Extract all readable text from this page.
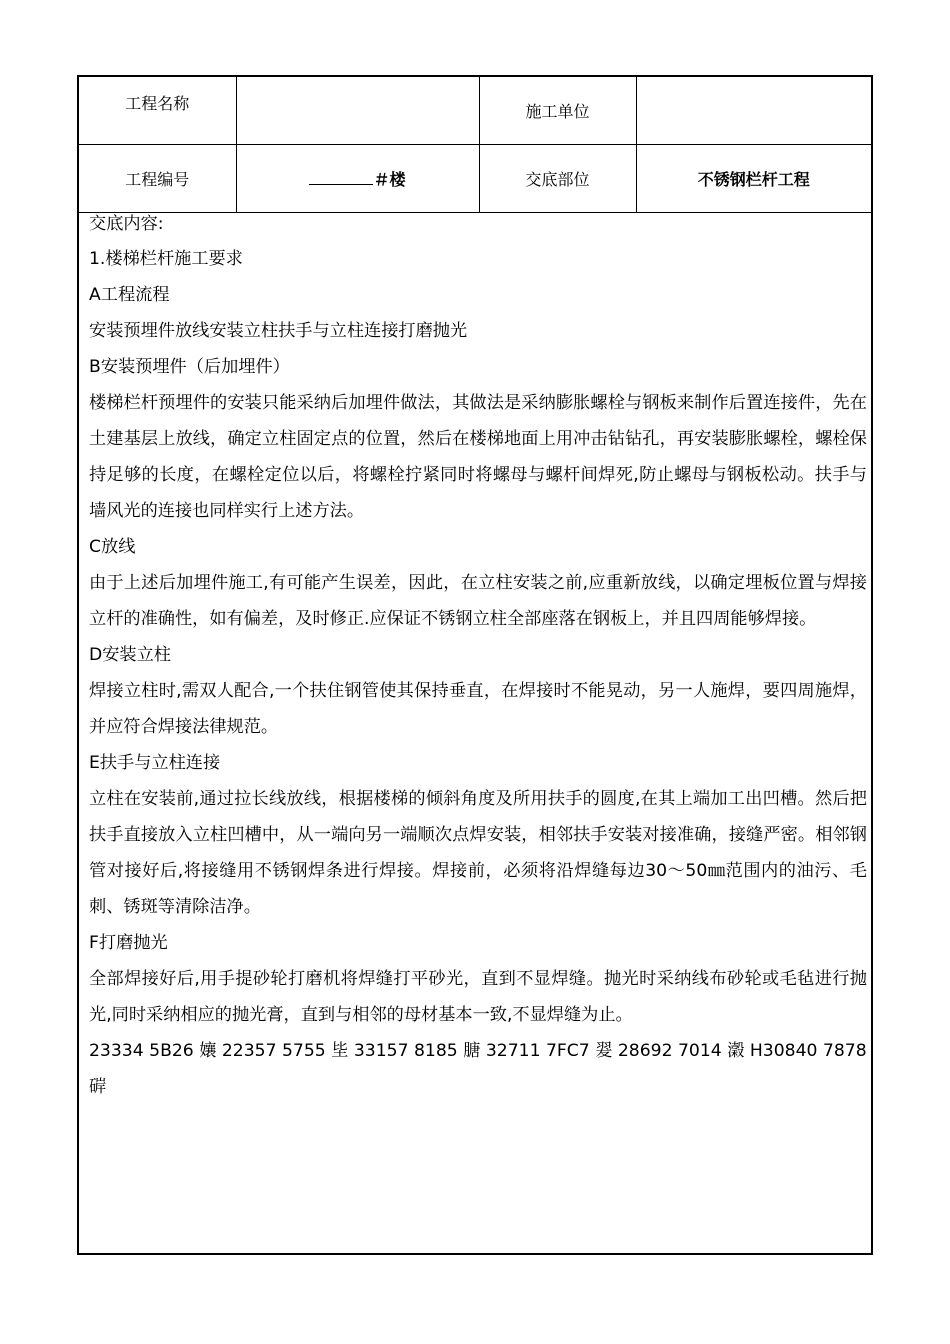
工程名称		施工单位	
工程编号	＃楼	交底部位	不锈钢栏杆工程

交底内容:

1.楼梯栏杆施工要求

A工程流程

安装预埋件放线安装立柱扶手与立柱连接打磨抛光

B安装预埋件（后加埋件）

楼梯栏杆预埋件的安装只能采纳后加埋件做法，其做法是采纳膨胀螺栓与钢板来制作后置连接件，先在土建基层上放线，确定立柱固定点的位置，然后在楼梯地面上用冲击钻钻孔，再安装膨胀螺栓，螺栓保持足够的长度，在螺栓定位以后，将螺栓拧紧同时将螺母与螺杆间焊死,防止螺母与钢板松动。扶手与墙风光的连接也同样实行上述方法。

C放线

由于上述后加埋件施工,有可能产生误差，因此，在立柱安装之前,应重新放线，以确定埋板位置与焊接立杆的准确性，如有偏差，及时修正.应保证不锈钢立柱全部座落在钢板上，并且四周能够焊接。

D安装立柱

焊接立柱时,需双人配合,一个扶住钢管使其保持垂直，在焊接时不能晃动，另一人施焊，要四周施焊，并应符合焊接法律规范。

E扶手与立柱连接

立柱在安装前,通过拉长线放线，根据楼梯的倾斜角度及所用扶手的圆度,在其上端加工出凹槽。然后把扶手直接放入立柱凹槽中，从一端向另一端顺次点焊安装，相邻扶手安装对接准确，接缝严密。相邻钢管对接好后,将接缝用不锈钢焊条进行焊接。焊接前，必须将沿焊缝每边30～50㎜范围内的油污、毛刺、锈斑等清除洁净。

F打磨抛光

全部焊接好后,用手提砂轮打磨机将焊缝打平砂光，直到不显焊缝。抛光时采纳线布砂轮或毛毡进行抛光,同时采纳相应的抛光膏，直到与相邻的母材基本一致,不显焊缝为止。

23334 5B26 孃 22357 5755 坒 33157 8185 膅 32711 7FC7 翇 28692 7014 瀔 H30840 7878 硸
